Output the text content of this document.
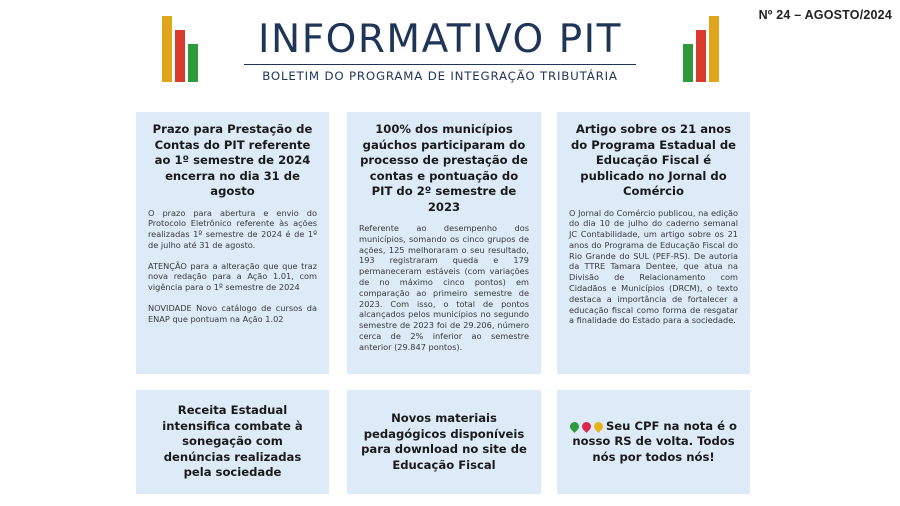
INFORMATIVO PIT
BOLETIM DO PROGRAMA DE INTEGRAÇÃO TRIBUTÁRIA
Nº 24 – AGOSTO/2024
Prazo para Prestação de Contas do PIT referente ao 1º semestre de 2024 encerra no dia 31 de agosto

O prazo para abertura e envio do Protocolo Eletrônico referente às ações realizadas 1º semestre de 2024 é de 1º de julho até 31 de agosto.

ATENÇÃO para a alteração que que traz nova redação para a Ação 1.01, com vigência para o 1º semestre de 2024

NOVIDADE Novo catálogo de cursos da ENAP que pontuam na Ação 1.02

100% dos municípios gaúchos participaram do processo de prestação de contas e pontuação do PIT do 2º semestre de 2023

Referente ao desempenho dos municípios, somando os cinco grupos de ações, 125 melhoraram o seu resultado, 193 registraram queda e 179 permaneceram estáveis (com variações de no máximo cinco pontos) em comparação ao primeiro semestre de 2023. Com isso, o total de pontos alcançados pelos municípios no segundo semestre de 2023 foi de 29.206, número cerca de 2% inferior ao semestre anterior (29.847 pontos).

Artigo sobre os 21 anos do Programa Estadual de Educação Fiscal é publicado no Jornal do Comércio

O Jornal do Comércio publicou, na edição do dia 10 de julho do caderno semanal JC Contabilidade, um artigo sobre os 21 anos do Programa de Educação Fiscal do Rio Grande do SUL (PEF-RS). De autoria da TTRE Tamara Dentee, que atua na Divisão de Relacionamento com Cidadãos e Municípios (DRCM), o texto destaca a importância de fortalecer a educação fiscal como forma de resgatar a finalidade do Estado para a sociedade.

Receita Estadual intensifica combate à sonegação com denúncias realizadas pela sociedade
Novos materiais pedagógicos disponíveis para download no site de Educação Fiscal
Seu CPF na nota é o nosso RS de volta. Todos nós por todos nós!
